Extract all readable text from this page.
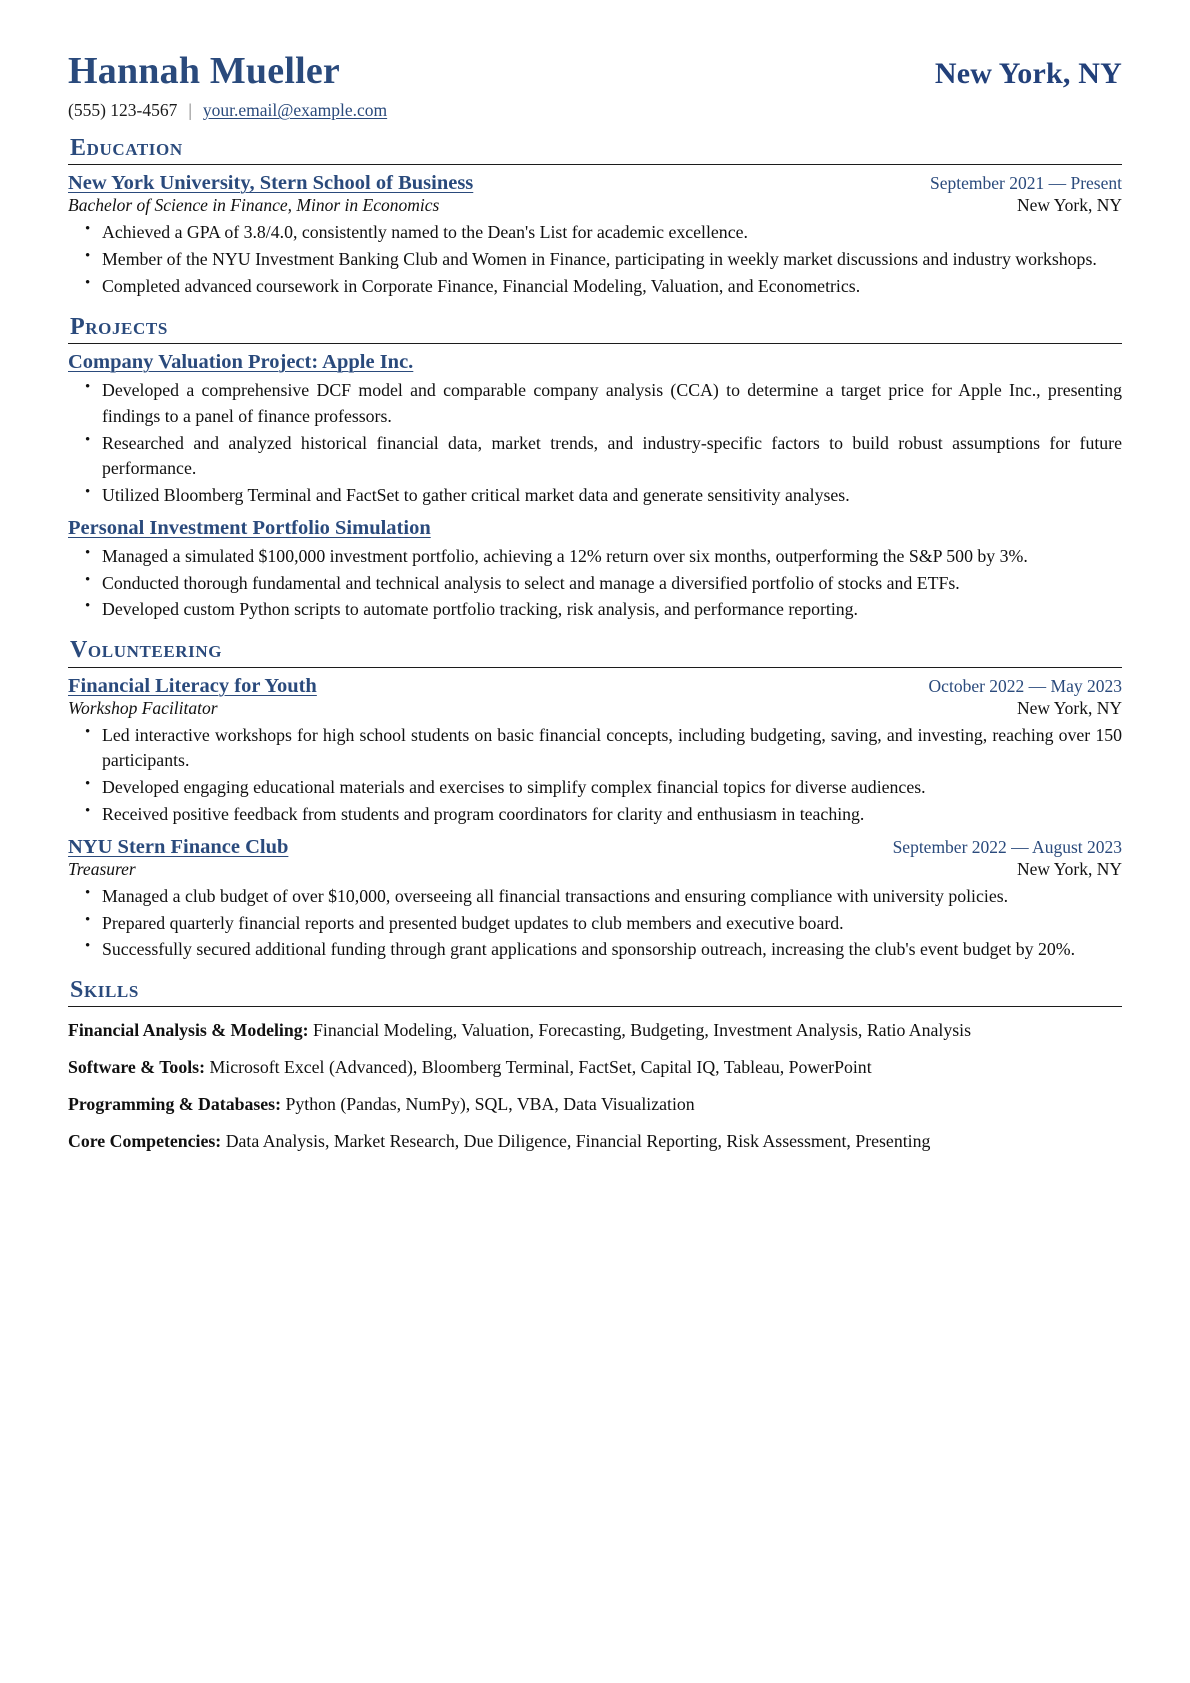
Hannah Mueller	New York, NY
(555) 123-4567 | your.email@example.com
Education
New York University, Stern School of Business	September 2021 — Present
Bachelor of Science in Finance, Minor in Economics	New York, NY
• Achieved a GPA of 3.8/4.0, consistently named to the Dean's List for academic excellence.
• Member of the NYU Investment Banking Club and Women in Finance, participating in weekly market discussions and industry workshops.
• Completed advanced coursework in Corporate Finance, Financial Modeling, Valuation, and Econometrics.
Projects
Company Valuation Project: Apple Inc.
• Developed a comprehensive DCF model and comparable company analysis (CCA) to determine a target price for Apple Inc., presenting findings to a panel of finance professors.
• Researched and analyzed historical financial data, market trends, and industry-specific factors to build robust assumptions for future performance.
• Utilized Bloomberg Terminal and FactSet to gather critical market data and generate sensitivity analyses.
Personal Investment Portfolio Simulation
• Managed a simulated $100,000 investment portfolio, achieving a 12% return over six months, outperforming the S&P 500 by 3%.
• Conducted thorough fundamental and technical analysis to select and manage a diversified portfolio of stocks and ETFs.
• Developed custom Python scripts to automate portfolio tracking, risk analysis, and performance reporting.
Volunteering
Financial Literacy for Youth	October 2022 — May 2023
Workshop Facilitator	New York, NY
• Led interactive workshops for high school students on basic financial concepts, including budgeting, saving, and investing, reaching over 150 participants.
• Developed engaging educational materials and exercises to simplify complex financial topics for diverse audiences.
• Received positive feedback from students and program coordinators for clarity and enthusiasm in teaching.
NYU Stern Finance Club	September 2022 — August 2023
Treasurer	New York, NY
• Managed a club budget of over $10,000, overseeing all financial transactions and ensuring compliance with university policies.
• Prepared quarterly financial reports and presented budget updates to club members and executive board.
• Successfully secured additional funding through grant applications and sponsorship outreach, increasing the club's event budget by 20%.
Skills
Financial Analysis & Modeling: Financial Modeling, Valuation, Forecasting, Budgeting, Investment Analysis, Ratio Analysis
Software & Tools: Microsoft Excel (Advanced), Bloomberg Terminal, FactSet, Capital IQ, Tableau, PowerPoint
Programming & Databases: Python (Pandas, NumPy), SQL, VBA, Data Visualization
Core Competencies: Data Analysis, Market Research, Due Diligence, Financial Reporting, Risk Assessment, Presenting
